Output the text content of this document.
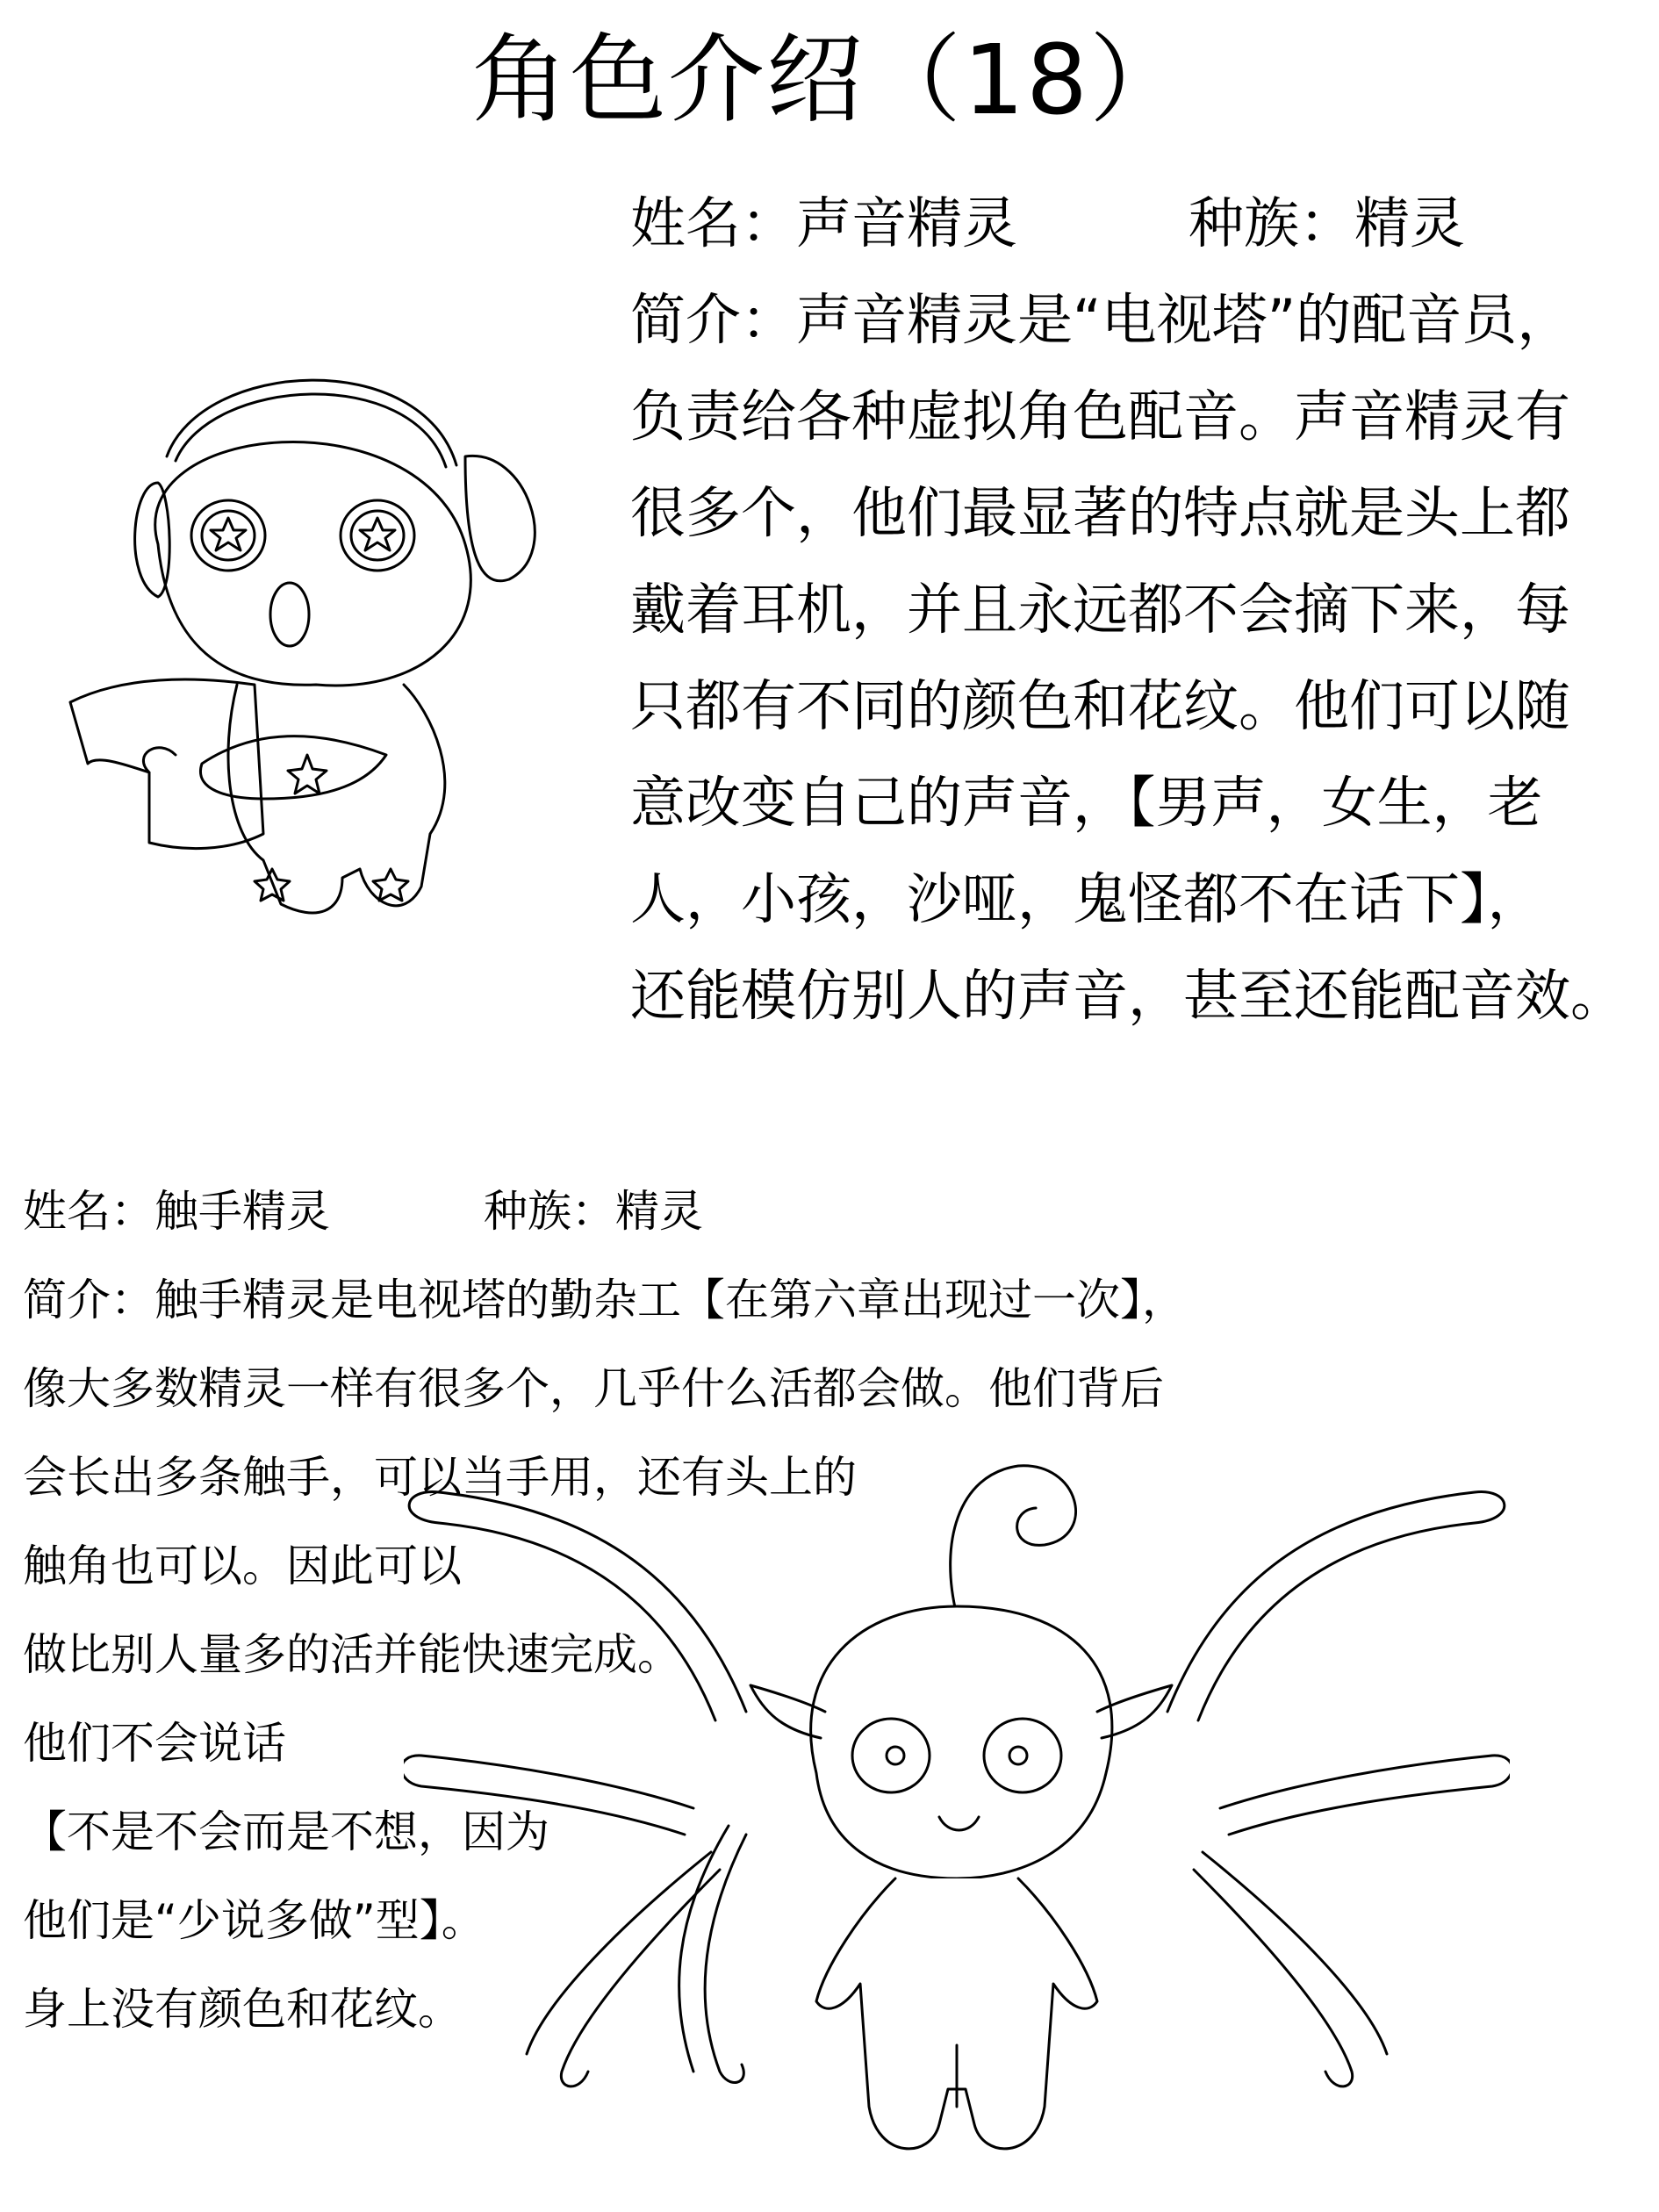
角色介绍（18）
姓名：声音精灵	种族：精灵
简介：声音精灵是“电视塔”的配音员，
负责给各种虚拟角色配音。声音精灵有
很多个，他们最显著的特点就是头上都
戴着耳机，并且永远都不会摘下来，每
只都有不同的颜色和花纹。他们可以随
意改变自己的声音，【男声，女生，老
人，小孩，沙哑，鬼怪都不在话下】，
还能模仿别人的声音，甚至还能配音效。
姓名：触手精灵	种族：精灵
简介：触手精灵是电视塔的勤杂工【在第六章出现过一次】，
像大多数精灵一样有很多个，几乎什么活都会做。他们背后
会长出多条触手，可以当手用，还有头上的
触角也可以。因此可以
做比别人量多的活并能快速完成。
他们不会说话
【不是不会而是不想，因为
他们是“少说多做”型】。
身上没有颜色和花纹。
